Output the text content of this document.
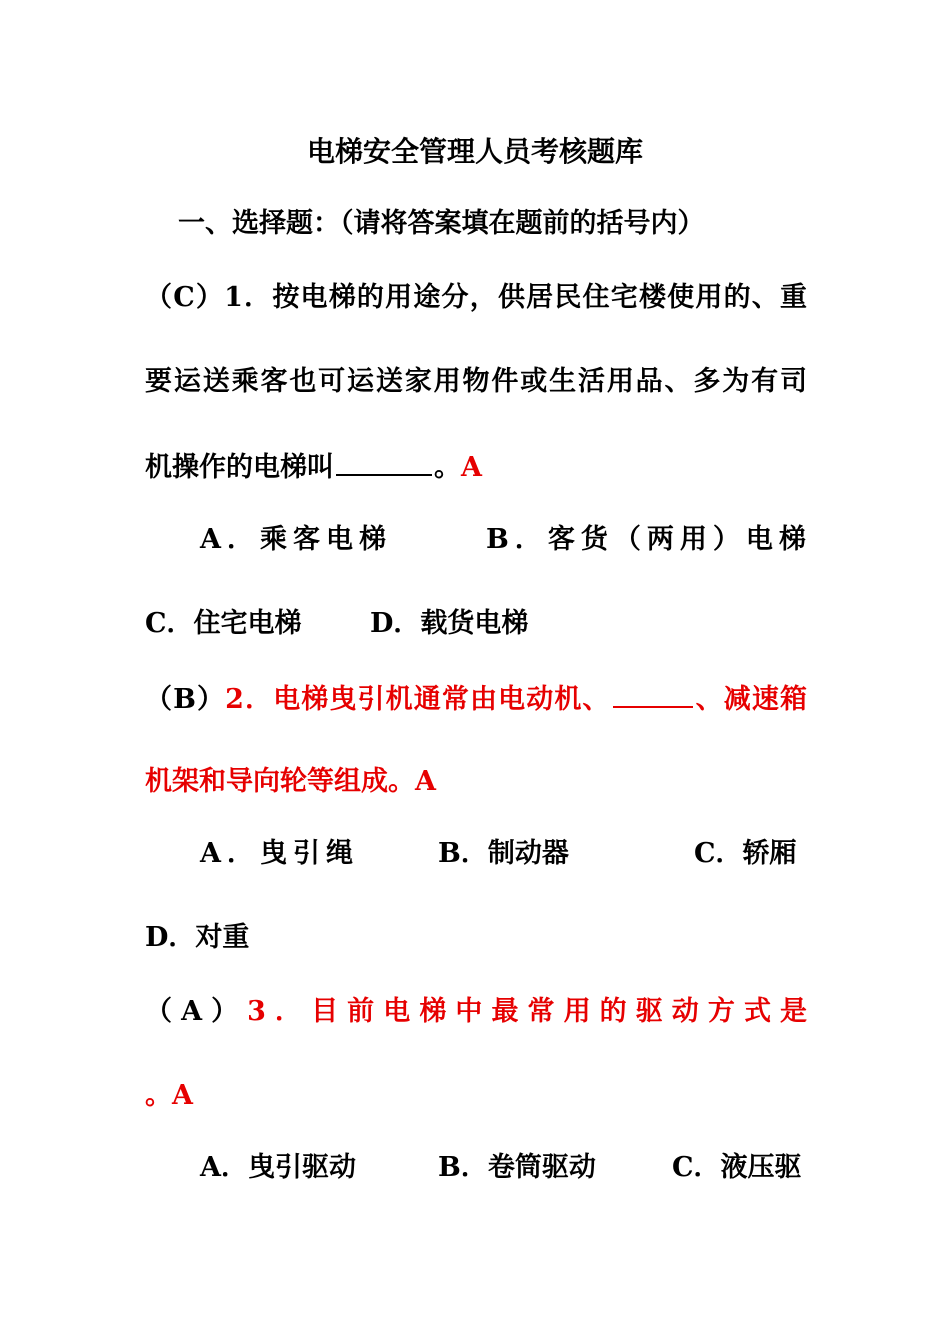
电梯安全管理人员考核题库
一、选择题：（请将答案填在题前的括号内）
（C）1．按电梯的用途分，供居民住宅楼使用的、重
要运送乘客也可运送家用物件或生活用品、多为有司
机操作的电梯叫	。A
A．乘客电梯	B．客货（两用）电梯
C．住宅电梯	D．载货电梯
（B）2．电梯曳引机通常由电动机、	、减速箱
机架和导向轮等组成。A
A．曳引绳	B．制动器	C．轿厢
D．对重
（A）3．目前电梯中最常用的驱动方式是
。A
A．曳引驱动	B．卷筒驱动	C．液压驱
